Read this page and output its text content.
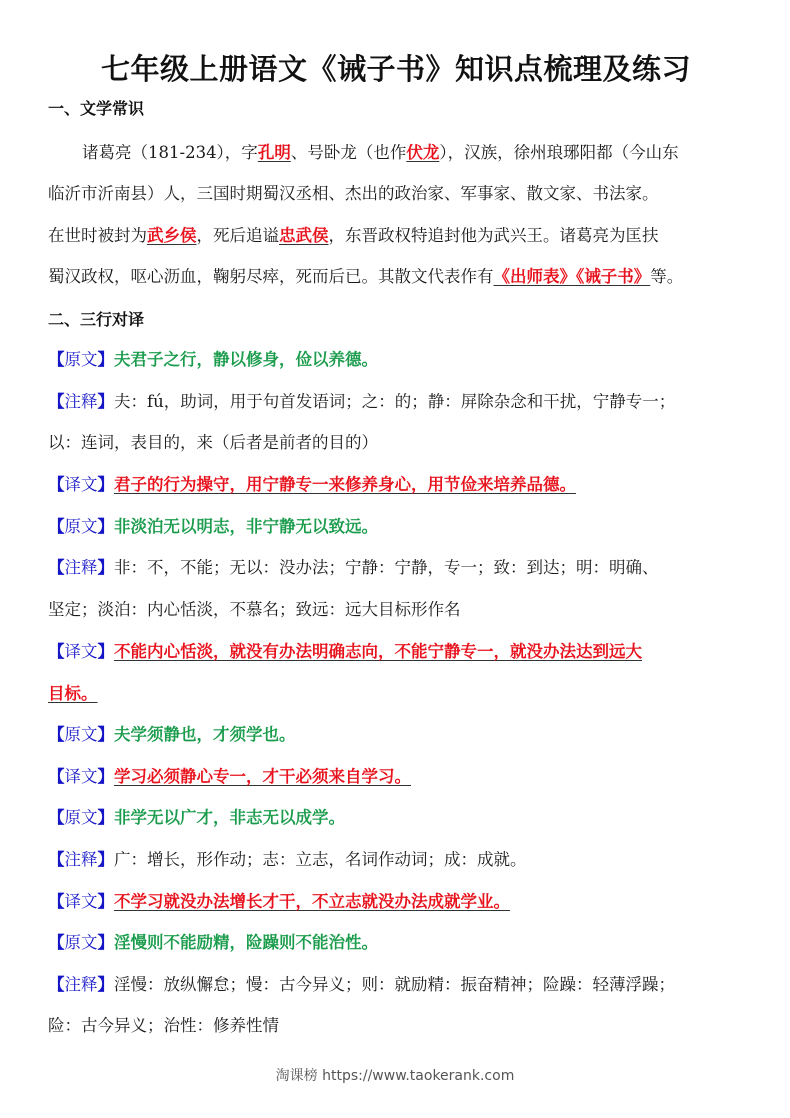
七年级上册语文《诫子书》知识点梳理及练习
一、文学常识
诸葛亮（181-234），字孔明、号卧龙（也作伏龙），汉族，徐州琅琊阳都（今山东
临沂市沂南县）人，三国时期蜀汉丞相、杰出的政治家、军事家、散文家、书法家。
在世时被封为武乡侯，死后追谥忠武侯，东晋政权特追封他为武兴王。诸葛亮为匡扶
蜀汉政权，呕心沥血，鞠躬尽瘁，死而后已。其散文代表作有《出师表》《诫子书》等。
二、三行对译
【原文】夫君子之行，静以修身，俭以养德。
【注释】夫：fú，助词，用于句首发语词；之：的；静：屏除杂念和干扰，宁静专一；
以：连词，表目的，来（后者是前者的目的）
【译文】君子的行为操守，用宁静专一来修养身心，用节俭来培养品德。
【原文】非淡泊无以明志，非宁静无以致远。
【注释】非：不，不能；无以：没办法；宁静：宁静，专一；致：到达；明：明确、
坚定；淡泊：内心恬淡，不慕名；致远：远大目标形作名
【译文】不能内心恬淡，就没有办法明确志向，不能宁静专一，就没办法达到远大
目标。
【原文】夫学须静也，才须学也。
【译文】学习必须静心专一，才干必须来自学习。
【原文】非学无以广才，非志无以成学。
【注释】广：增长，形作动；志：立志，名词作动词；成：成就。
【译文】不学习就没办法增长才干，不立志就没办法成就学业。
【原文】淫慢则不能励精，险躁则不能治性。
【注释】淫慢：放纵懈怠；慢：古今异义；则：就励精：振奋精神；险躁：轻薄浮躁；
险：古今异义；治性：修养性情
淘课榜 https://www.taokerank.com
